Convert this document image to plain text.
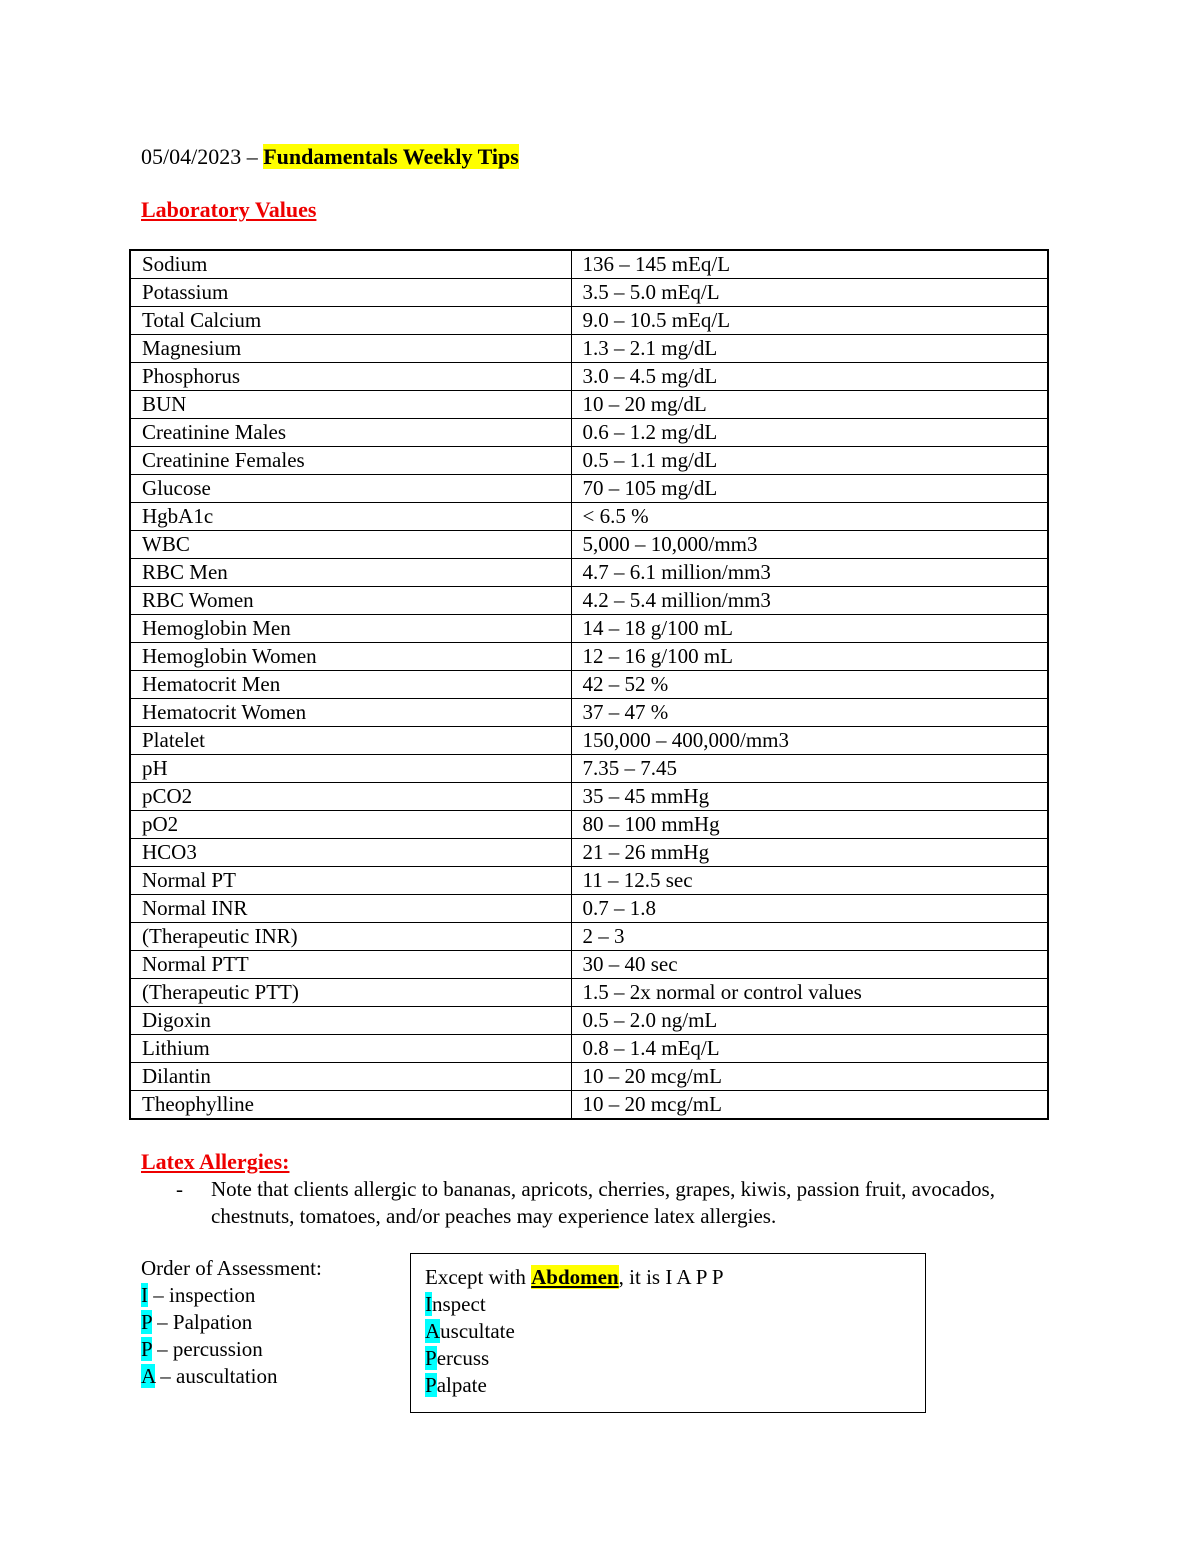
05/04/2023 – Fundamentals Weekly Tips
Laboratory Values
Sodium	136 – 145 mEq/L
Potassium	3.5 – 5.0 mEq/L
Total Calcium	9.0 – 10.5 mEq/L
Magnesium	1.3 – 2.1 mg/dL
Phosphorus	3.0 – 4.5 mg/dL
BUN	10 – 20 mg/dL
Creatinine Males	0.6 – 1.2 mg/dL
Creatinine Females	0.5 – 1.1 mg/dL
Glucose	70 – 105 mg/dL
HgbA1c	< 6.5 %
WBC	5,000 – 10,000/mm3
RBC Men	4.7 – 6.1 million/mm3
RBC Women	4.2 – 5.4 million/mm3
Hemoglobin Men	14 – 18 g/100 mL
Hemoglobin Women	12 – 16 g/100 mL
Hematocrit Men	42 – 52 %
Hematocrit Women	37 – 47 %
Platelet	150,000 – 400,000/mm3
pH	7.35 – 7.45
pCO2	35 – 45 mmHg
pO2	80 – 100 mmHg
HCO3	21 – 26 mmHg
Normal PT	11 – 12.5 sec
Normal INR	0.7 – 1.8
(Therapeutic INR)	2 – 3
Normal PTT	30 – 40 sec
(Therapeutic PTT)	1.5 – 2x normal or control values
Digoxin	0.5 – 2.0 ng/mL
Lithium	0.8 – 1.4 mEq/L
Dilantin	10 – 20 mcg/mL
Theophylline	10 – 20 mcg/mL
Latex Allergies:
- Note that clients allergic to bananas, apricots, cherries, grapes, kiwis, passion fruit, avocados, chestnuts, tomatoes, and/or peaches may experience latex allergies.
Order of Assessment:
I – inspection
P – Palpation
P – percussion
A – auscultation
Except with Abdomen, it is I A P P
Inspect
Auscultate
Percuss
Palpate
